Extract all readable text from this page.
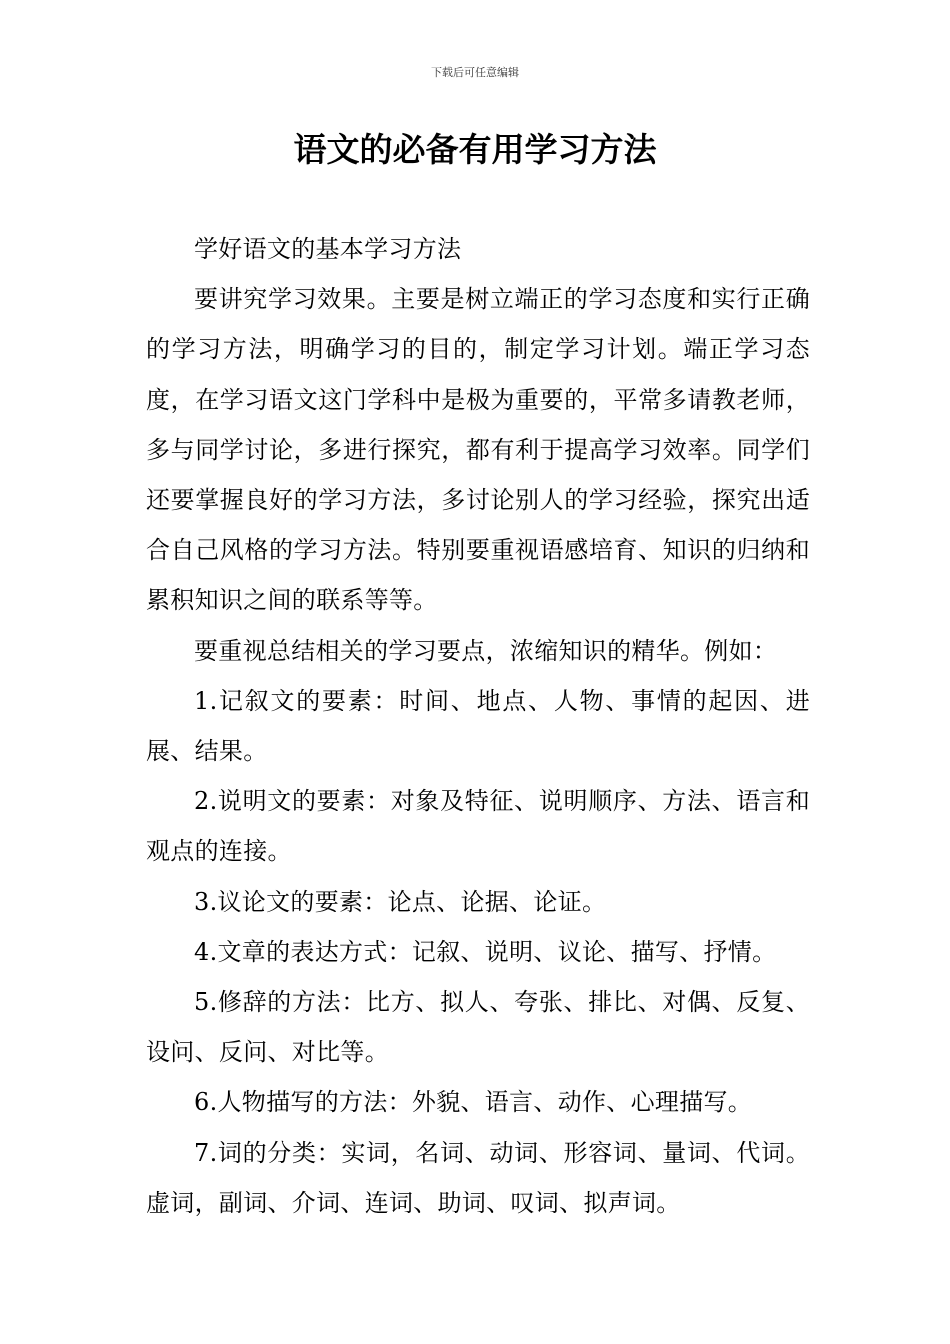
下载后可任意编辑
语文的必备有用学习方法

学好语文的基本学习方法

要讲究学习效果。主要是树立端正的学习态度和实行正确的学习方法，明确学习的目的，制定学习计划。端正学习态度，在学习语文这门学科中是极为重要的，平常多请教老师，多与同学讨论，多进行探究，都有利于提高学习效率。同学们还要掌握良好的学习方法，多讨论别人的学习经验，探究出适合自己风格的学习方法。特别要重视语感培育、知识的归纳和累积知识之间的联系等等。

要重视总结相关的学习要点，浓缩知识的精华。例如：

1.记叙文的要素：时间、地点、人物、事情的起因、进展、结果。

2.说明文的要素：对象及特征、说明顺序、方法、语言和观点的连接。

3.议论文的要素：论点、论据、论证。

4.文章的表达方式：记叙、说明、议论、描写、抒情。

5.修辞的方法：比方、拟人、夸张、排比、对偶、反复、设问、反问、对比等。

6.人物描写的方法：外貌、语言、动作、心理描写。

7.词的分类：实词，名词、动词、形容词、量词、代词。虚词，副词、介词、连词、助词、叹词、拟声词。
